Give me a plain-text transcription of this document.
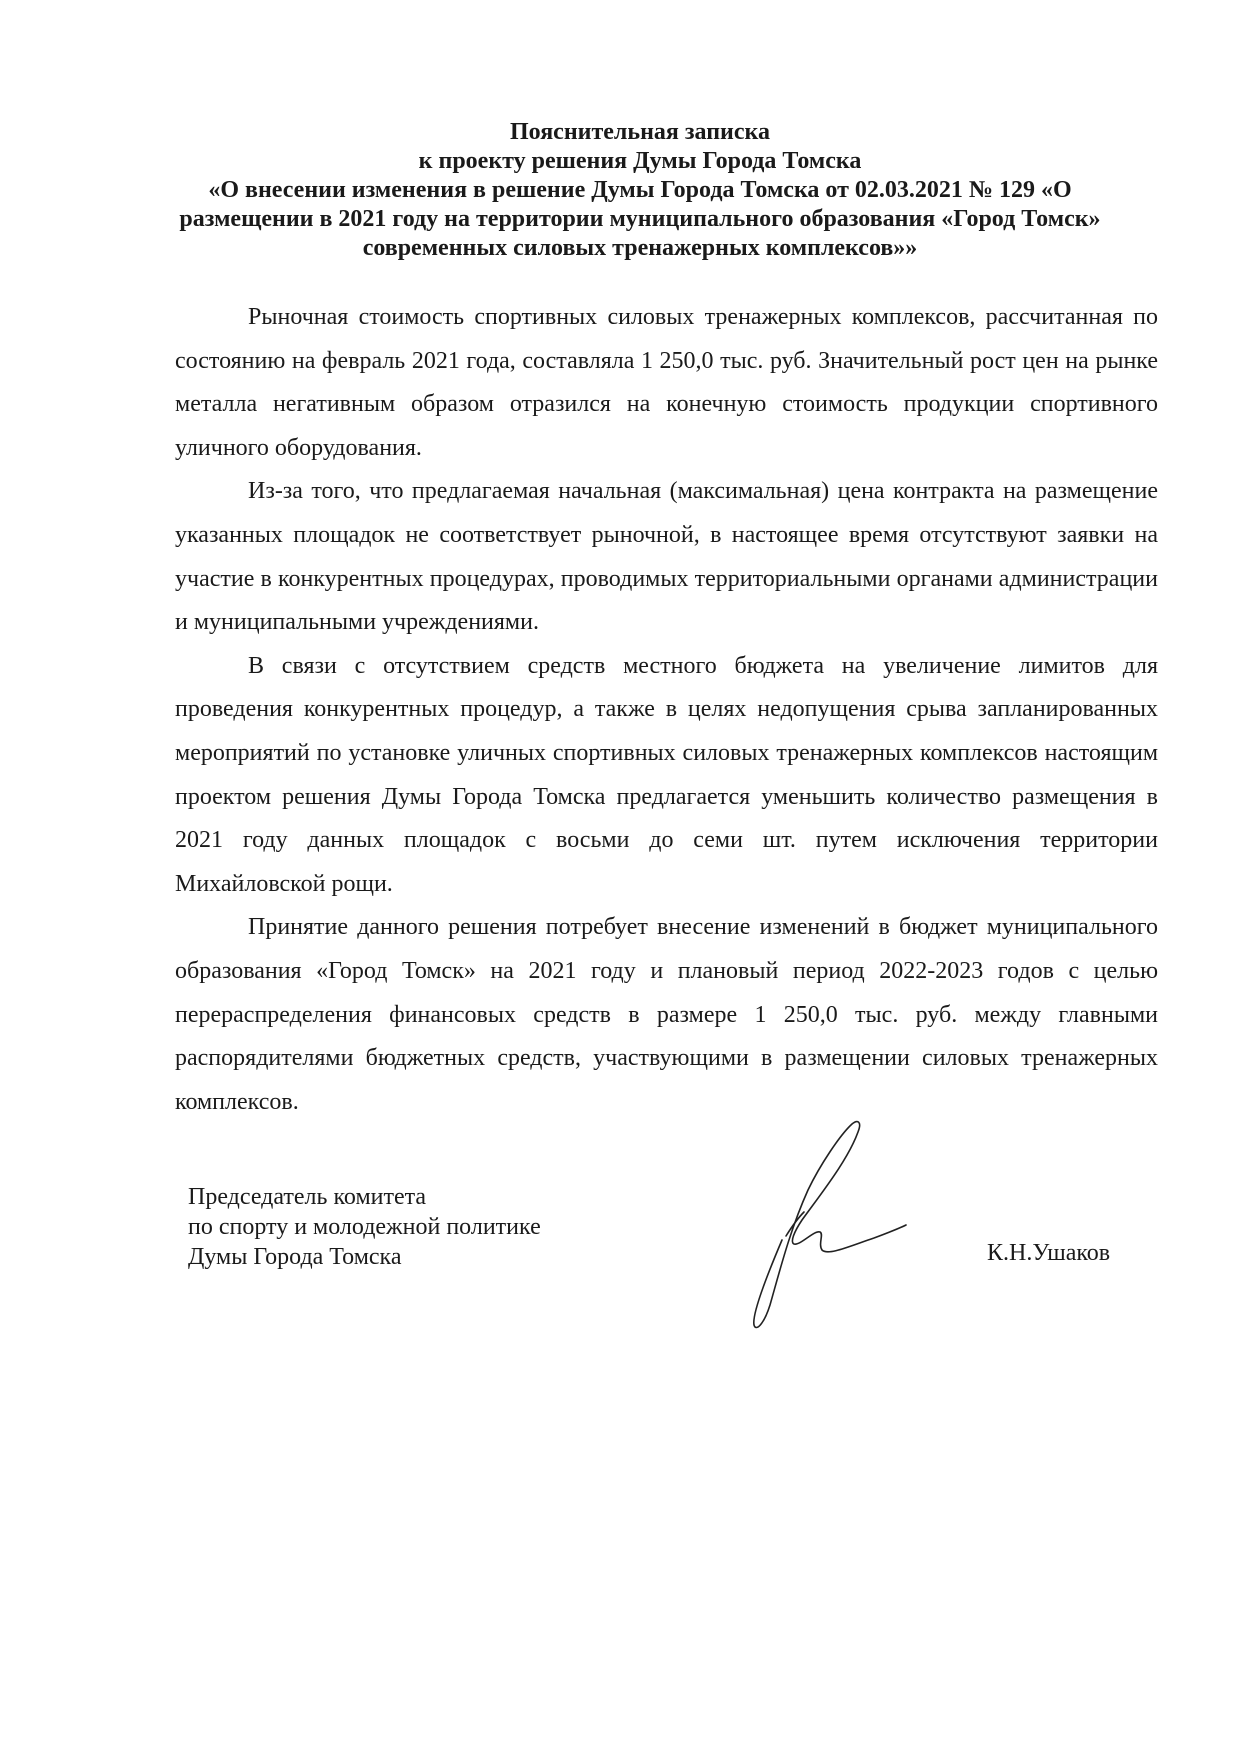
Пояснительная записка
к проекту решения Думы Города Томска
«О внесении изменения в решение Думы Города Томска от 02.03.2021 № 129 «О
размещении в 2021 году на территории муниципального образования «Город Томск»
современных силовых тренажерных комплексов»»

Рыночная стоимость спортивных силовых тренажерных комплексов, рассчитанная по состоянию на февраль 2021 года, составляла 1 250,0 тыс. руб. Значительный рост цен на рынке металла негативным образом отразился на конечную стоимость продукции спортивного уличного оборудования.

Из-за того, что предлагаемая начальная (максимальная) цена контракта на размещение указанных площадок не соответствует рыночной, в настоящее время отсутствуют заявки на участие в конкурентных процедурах, проводимых территориальными органами администрации и муниципальными учреждениями.

В связи с отсутствием средств местного бюджета на увеличение лимитов для проведения конкурентных процедур, а также в целях недопущения срыва запланированных мероприятий по установке уличных спортивных силовых тренажерных комплексов настоящим проектом решения Думы Города Томска предлагается уменьшить количество размещения в 2021 году данных площадок с восьми до семи шт. путем исключения территории Михайловской рощи.

Принятие данного решения потребует внесение изменений в бюджет муниципального образования «Город Томск» на 2021 году и плановый период 2022-2023 годов с целью перераспределения финансовых средств в размере 1 250,0 тыс. руб. между главными распорядителями бюджетных средств, участвующими в размещении силовых тренажерных комплексов.

Председатель комитета
по спорту и молодежной политике
Думы Города Томска	К.Н.Ушаков
